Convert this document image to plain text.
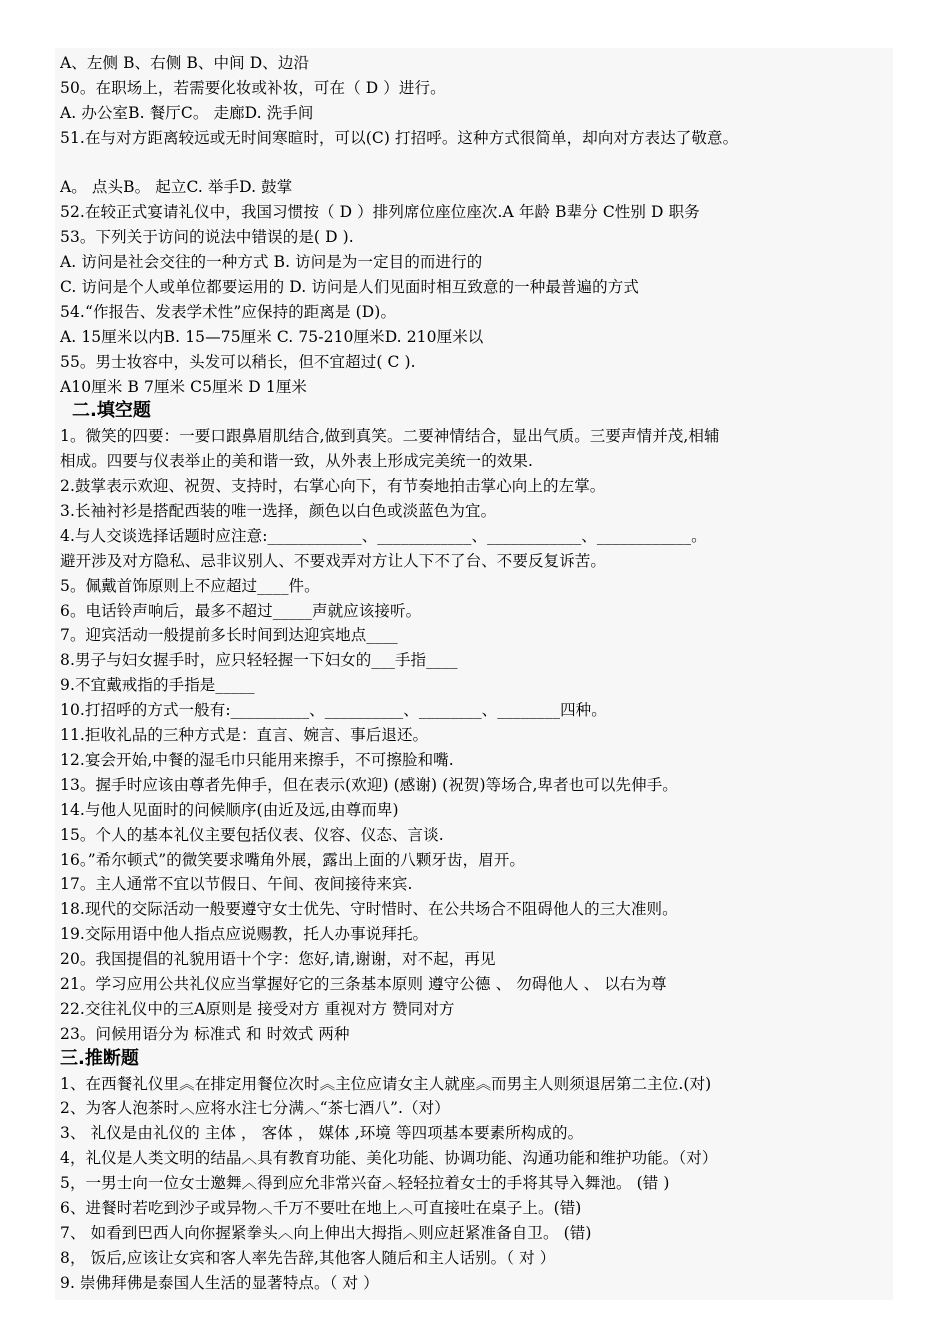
A、左侧 B、右侧 B、中间 D、边沿
50。在职场上，若需要化妆或补妆，可在（ D ）进行。
A. 办公室B. 餐厅C。 走廊D. 洗手间
51.在与对方距离较远或无时间寒暄时，可以(C) 打招呼。这种方式很简单，却向对方表达了敬意。
A。 点头B。 起立C. 举手D. 鼓掌
52.在较正式宴请礼仪中，我国习惯按（ D ）排列席位座位座次.A 年龄 B辈分 C性别 D 职务
53。下列关于访问的说法中错误的是( D ).
A. 访问是社会交往的一种方式 B. 访问是为一定目的而进行的
C. 访问是个人或单位都要运用的 D. 访问是人们见面时相互致意的一种最普遍的方式
54.“作报告、发表学术性”应保持的距离是 (D)。
A. 15厘米以内B. 15—75厘米 C. 75-210厘米D. 210厘米以
55。男士妆容中，头发可以稍长，但不宜超过( C ).
A10厘米 B 7厘米 C5厘米 D 1厘米
二.填空题
1。微笑的四要：一要口跟鼻眉肌结合,做到真笑。二要神情结合，显出气质。三要声情并茂,相辅
相成。四要与仪表举止的美和谐一致，从外表上形成完美统一的效果.
2.鼓掌表示欢迎、祝贺、支持时，右掌心向下，有节奏地拍击掌心向上的左掌。
3.长袖衬衫是搭配西装的唯一选择，颜色以白色或淡蓝色为宜。
4.与人交谈选择话题时应注意:____________、____________、____________、____________。
避开涉及对方隐私、忌非议别人、不要戏弄对方让人下不了台、不要反复诉苦。
5。佩戴首饰原则上不应超过____件。
6。电话铃声响后，最多不超过_____声就应该接听。
7。迎宾活动一般提前多长时间到达迎宾地点____
8.男子与妇女握手时，应只轻轻握一下妇女的___手指____
9.不宜戴戒指的手指是_____
10.打招呼的方式一般有:__________、__________、________、________四种。
11.拒收礼品的三种方式是：直言、婉言、事后退还。
12.宴会开始,中餐的湿毛巾只能用来擦手，不可擦脸和嘴.
13。握手时应该由尊者先伸手，但在表示(欢迎) (感谢) (祝贺)等场合,卑者也可以先伸手。
14.与他人见面时的问候顺序(由近及远,由尊而卑)
15。个人的基本礼仪主要包括仪表、仪容、仪态、言谈.
16。”希尔顿式”的微笑要求嘴角外展，露出上面的八颗牙齿，眉开。
17。主人通常不宜以节假日、午间、夜间接待来宾.
18.现代的交际活动一般要遵守女士优先、守时惜时、在公共场合不阻碍他人的三大准则。
19.交际用语中他人指点应说赐教，托人办事说拜托。
20。我国提倡的礼貌用语十个字：您好,请,谢谢，对不起，再见
21。学习应用公共礼仪应当掌握好它的三条基本原则 遵守公德 、 勿碍他人 、 以右为尊
22.交往礼仪中的三A原则是 接受对方 重视对方 赞同对方
23。问候用语分为 标准式 和 时效式 两种
三.推断题
1、在西餐礼仪里︽在排定用餐位次时︽主位应请女主人就座︽而男主人则须退居第二主位.(对)
2、为客人泡茶时︿应将水注七分满︿“茶七酒八”.（对）
3、 礼仪是由礼仪的 主体 ， 客体 ， 媒体 ,环境 等四项基本要素所构成的。
4，礼仪是人类文明的结晶︿具有教育功能、美化功能、协调功能、沟通功能和维护功能。（对）
5，一男士向一位女士邀舞︿得到应允非常兴奋︿轻轻拉着女士的手将其导入舞池。 (错 )
6、进餐时若吃到沙子或异物︿千万不要吐在地上︿可直接吐在桌子上。(错)
7、 如看到巴西人向你握紧拳头︿向上伸出大拇指︿则应赶紧准备自卫。 (错)
8， 饭后,应该让女宾和客人率先告辞,其他客人随后和主人话别。（ 对 ）
9. 崇佛拜佛是泰国人生活的显著特点。（ 对 ）
